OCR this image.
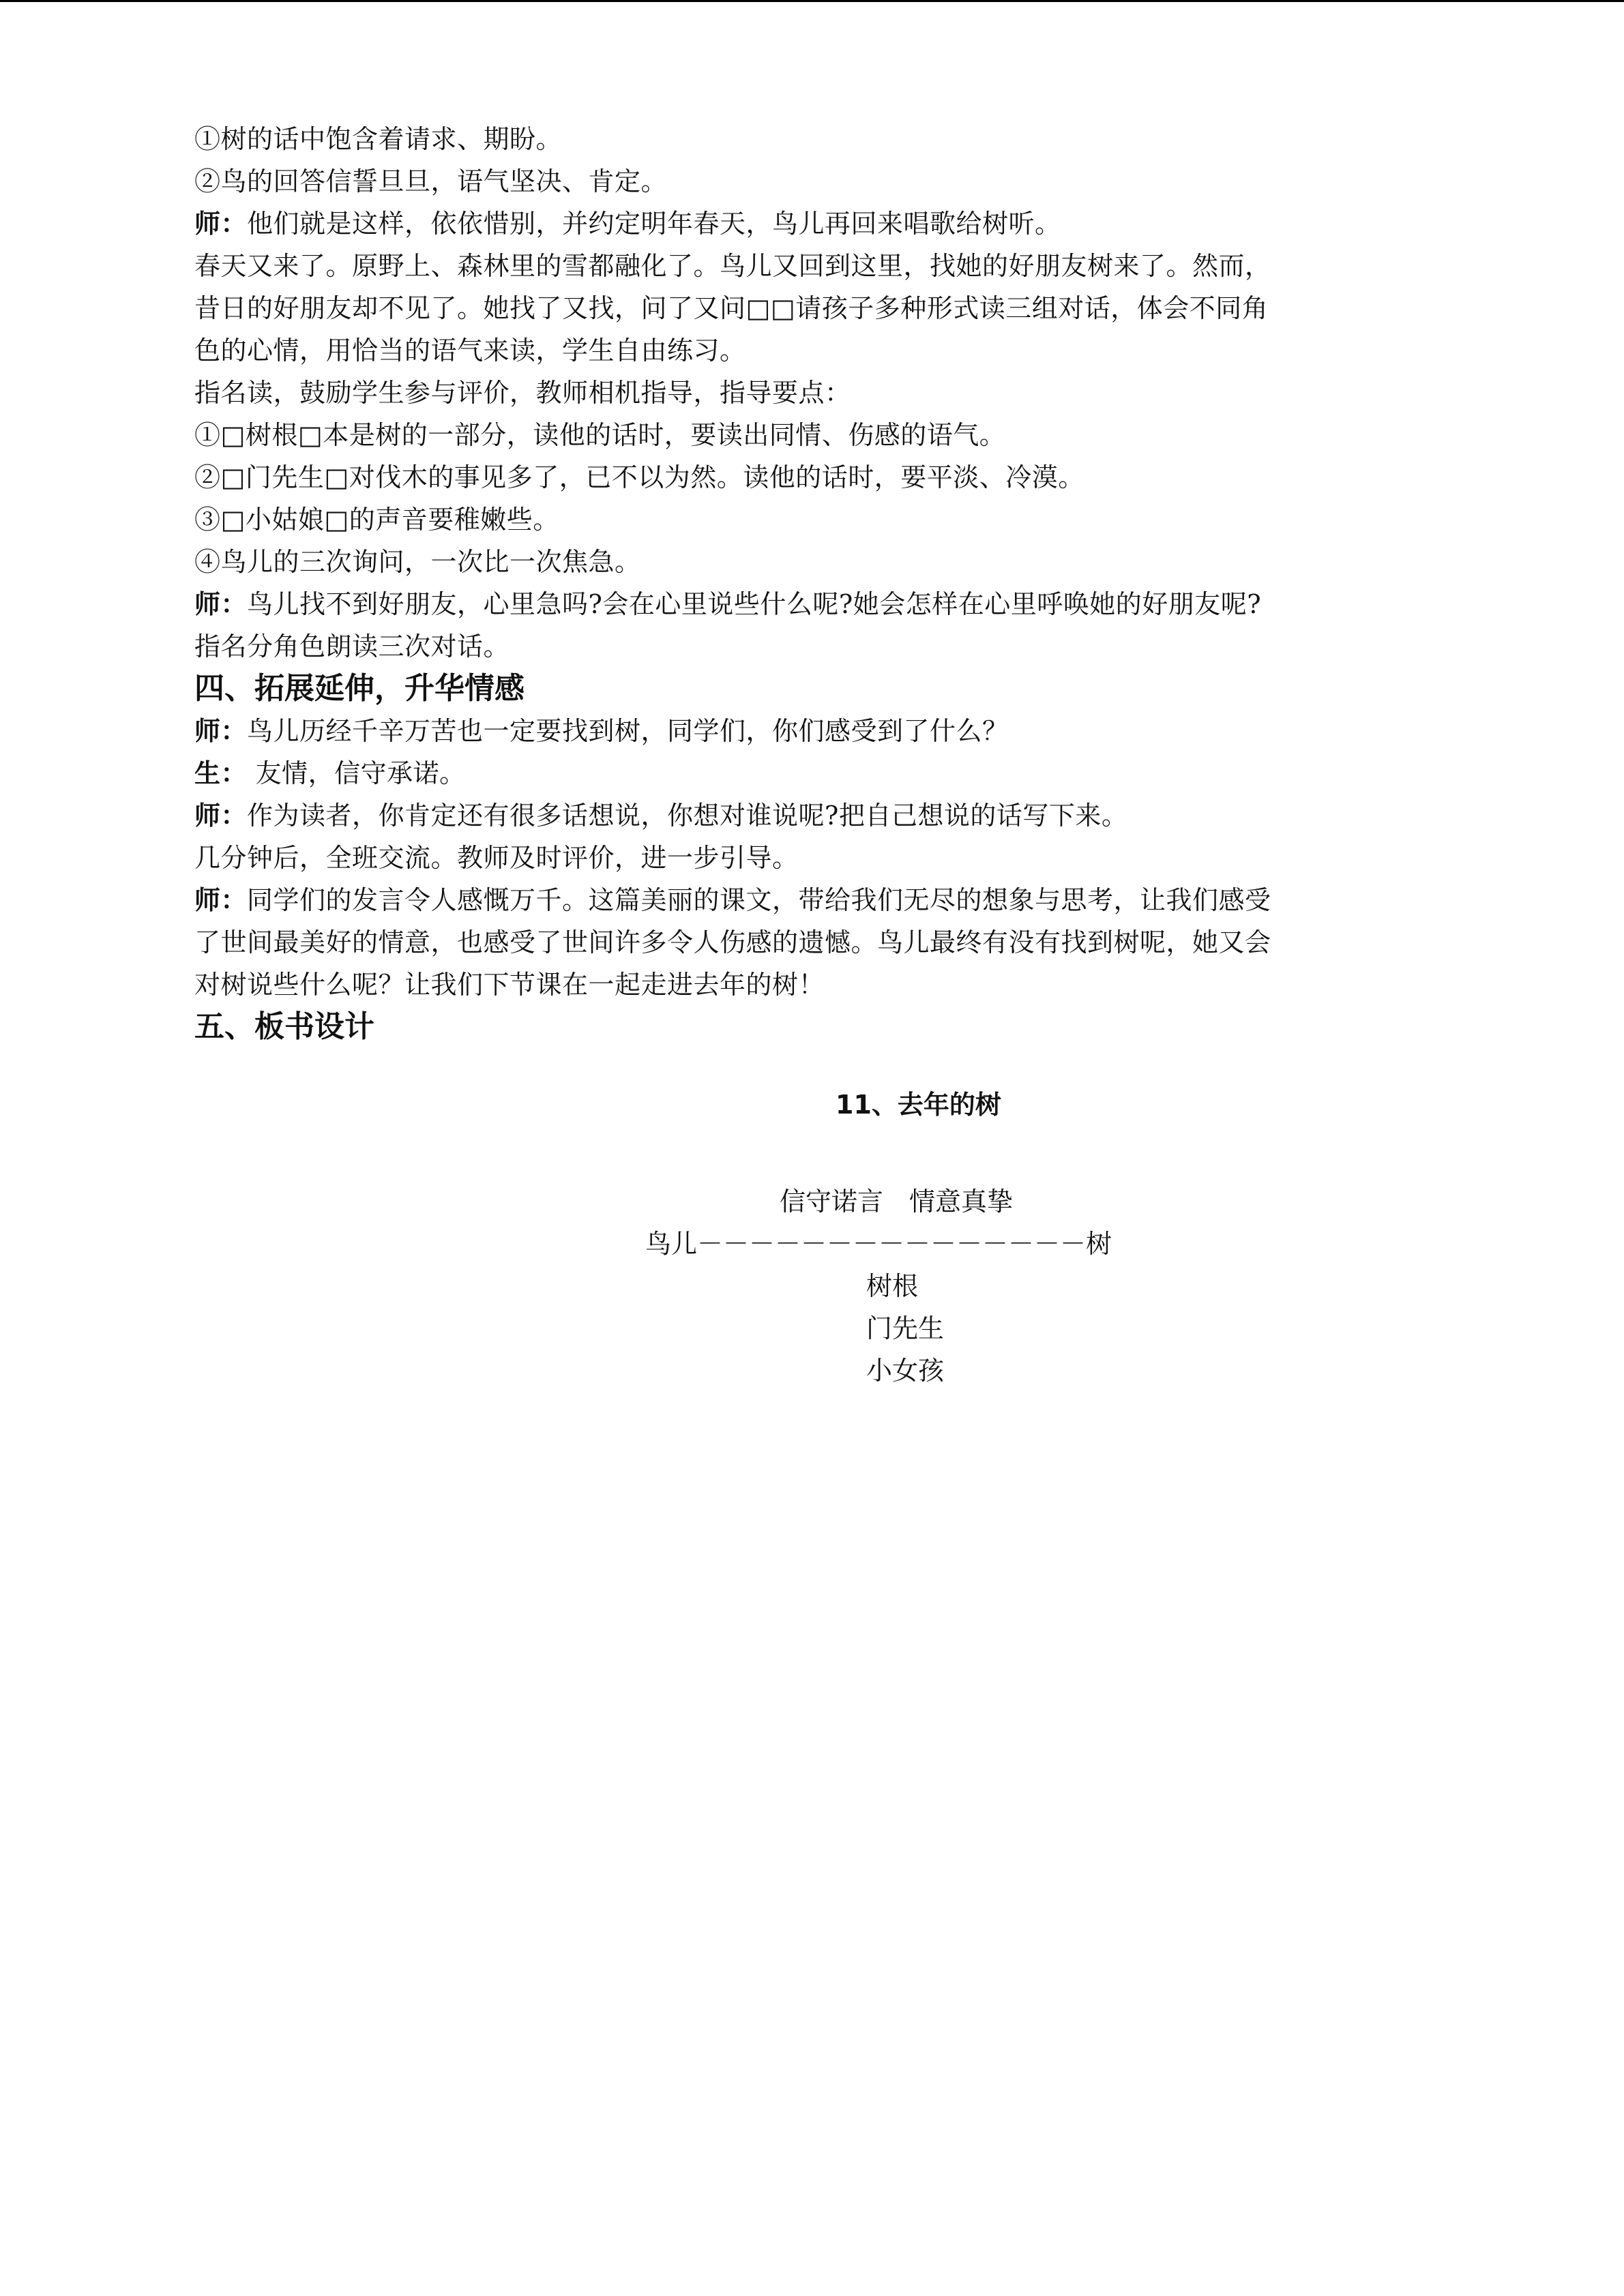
①树的话中饱含着请求、期盼。
②鸟的回答信誓旦旦，语气坚决、肯定。
师：他们就是这样，依依惜别，并约定明年春天，鸟儿再回来唱歌给树听。
春天又来了。原野上、森林里的雪都融化了。鸟儿又回到这里，找她的好朋友树来了。然而，
昔日的好朋友却不见了。她找了又找，问了又问□□请孩子多种形式读三组对话，体会不同角
色的心情，用恰当的语气来读，学生自由练习。
指名读，鼓励学生参与评价，教师相机指导，指导要点：
①□树根□本是树的一部分，读他的话时，要读出同情、伤感的语气。
②□门先生□对伐木的事见多了，已不以为然。读他的话时，要平淡、冷漠。
③□小姑娘□的声音要稚嫩些。
④鸟儿的三次询问，一次比一次焦急。
师：鸟儿找不到好朋友，心里急吗?会在心里说些什么呢?她会怎样在心里呼唤她的好朋友呢?
指名分角色朗读三次对话。
四、拓展延伸，升华情感
师：鸟儿历经千辛万苦也一定要找到树，同学们，你们感受到了什么？
生： 友情，信守承诺。
师：作为读者，你肯定还有很多话想说，你想对谁说呢?把自己想说的话写下来。
几分钟后，全班交流。教师及时评价，进一步引导。
师：同学们的发言令人感慨万千。这篇美丽的课文，带给我们无尽的想象与思考，让我们感受
了世间最美好的情意，也感受了世间许多令人伤感的遗憾。鸟儿最终有没有找到树呢，她又会
对树说些什么呢？让我们下节课在一起走进去年的树！
五、板书设计
11、去年的树
信守诺言　情意真挚
鸟儿－－－－－－－－－－－－－－－树
树根
门先生
小女孩
